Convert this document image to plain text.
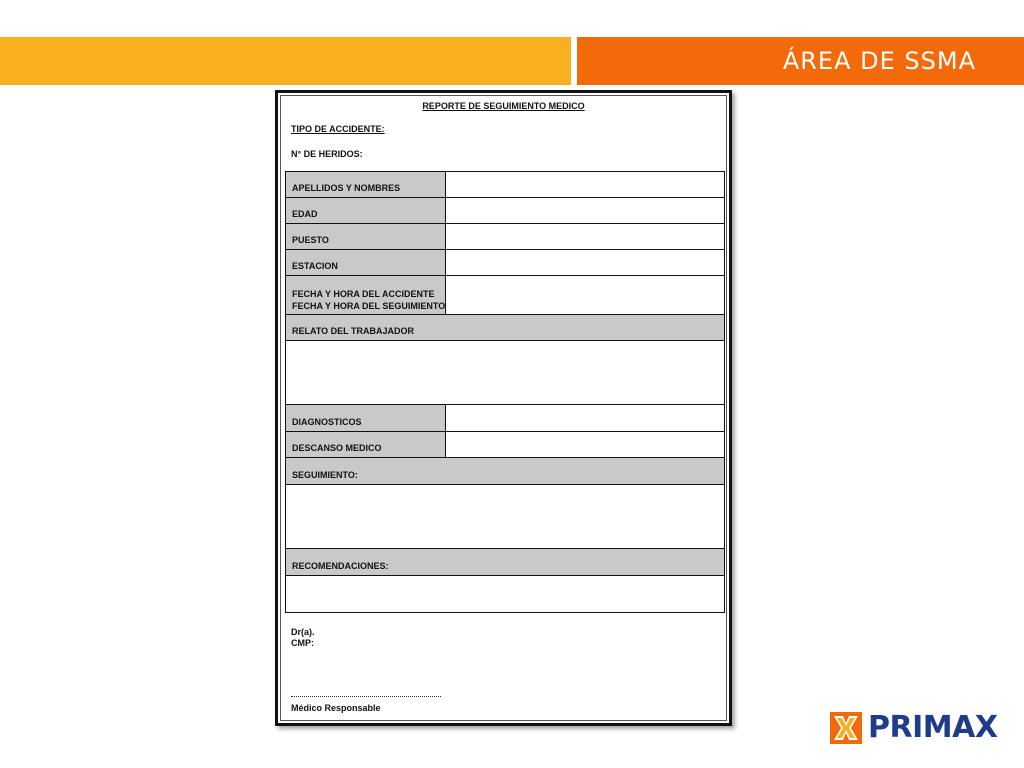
ÁREA DE SSMA
REPORTE DE SEGUIMIENTO MEDICO
TIPO DE ACCIDENTE:
N° DE HERIDOS:
APELLIDOS Y NOMBRES
EDAD
PUESTO
ESTACION
FECHA Y HORA DEL ACCIDENTE
FECHA Y HORA DEL SEGUIMIENTO
RELATO DEL TRABAJADOR
DIAGNOSTICOS
DESCANSO MEDICO
SEGUIMIENTO:
RECOMENDACIONES:
Dr(a).
CMP:
Médico Responsable
PRIMAX
